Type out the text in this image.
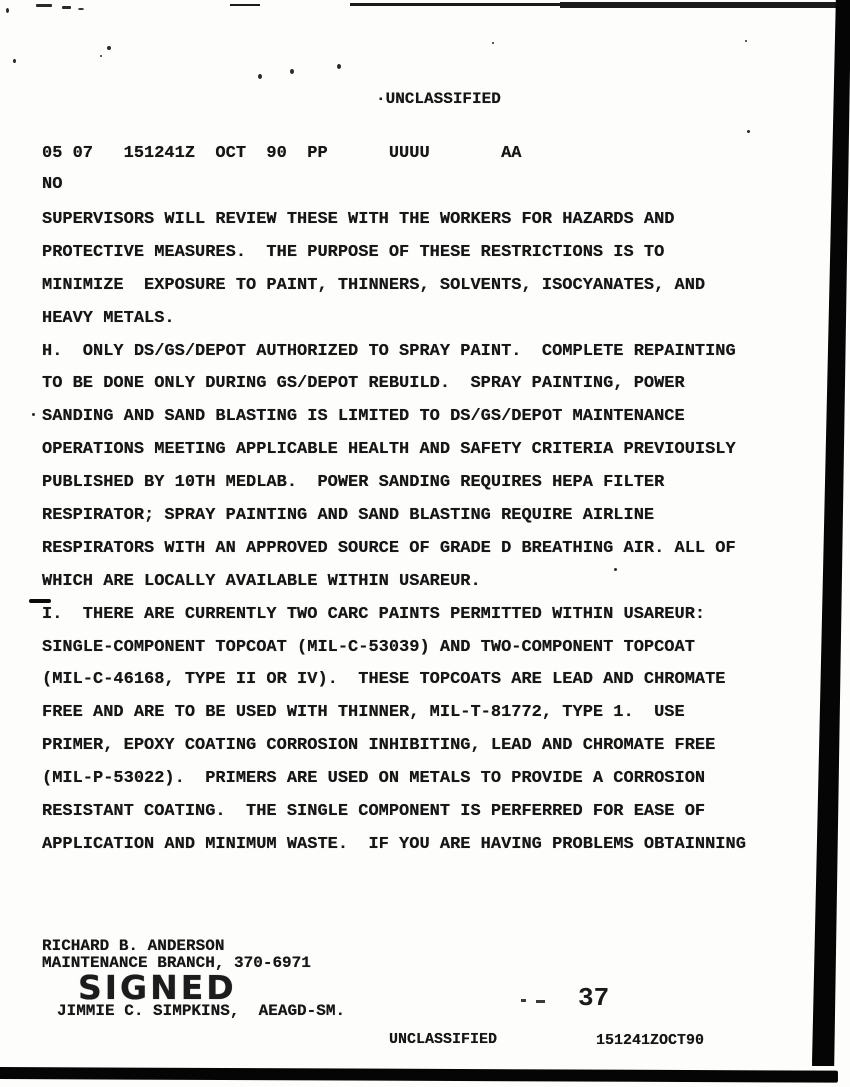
·UNCLASSIFIED
05 07   151241Z  OCT  90  PP      UUUU       AA
NO
SUPERVISORS WILL REVIEW THESE WITH THE WORKERS FOR HAZARDS AND
PROTECTIVE MEASURES.  THE PURPOSE OF THESE RESTRICTIONS IS TO
MINIMIZE  EXPOSURE TO PAINT, THINNERS, SOLVENTS, ISOCYANATES, AND
HEAVY METALS.
H.  ONLY DS/GS/DEPOT AUTHORIZED TO SPRAY PAINT.  COMPLETE REPAINTING
TO BE DONE ONLY DURING GS/DEPOT REBUILD.  SPRAY PAINTING, POWER
SANDING AND SAND BLASTING IS LIMITED TO DS/GS/DEPOT MAINTENANCE
OPERATIONS MEETING APPLICABLE HEALTH AND SAFETY CRITERIA PREVIOUISLY
PUBLISHED BY 10TH MEDLAB.  POWER SANDING REQUIRES HEPA FILTER
RESPIRATOR; SPRAY PAINTING AND SAND BLASTING REQUIRE AIRLINE
RESPIRATORS WITH AN APPROVED SOURCE OF GRADE D BREATHING AIR. ALL OF
WHICH ARE LOCALLY AVAILABLE WITHIN USAREUR.
I.  THERE ARE CURRENTLY TWO CARC PAINTS PERMITTED WITHIN USAREUR:
SINGLE-COMPONENT TOPCOAT (MIL-C-53039) AND TWO-COMPONENT TOPCOAT
(MIL-C-46168, TYPE II OR IV).  THESE TOPCOATS ARE LEAD AND CHROMATE
FREE AND ARE TO BE USED WITH THINNER, MIL-T-81772, TYPE 1.  USE
PRIMER, EPOXY COATING CORROSION INHIBITING, LEAD AND CHROMATE FREE
(MIL-P-53022).  PRIMERS ARE USED ON METALS TO PROVIDE A CORROSION
RESISTANT COATING.  THE SINGLE COMPONENT IS PERFERRED FOR EASE OF
APPLICATION AND MINIMUM WASTE.  IF YOU ARE HAVING PROBLEMS OBTAINNING
RICHARD B. ANDERSON
MAINTENANCE BRANCH, 370-6971
SIGNED
JIMMIE C. SIMPKINS,  AEAGD-SM.	37
UNCLASSIFIED	151241ZOCT90
